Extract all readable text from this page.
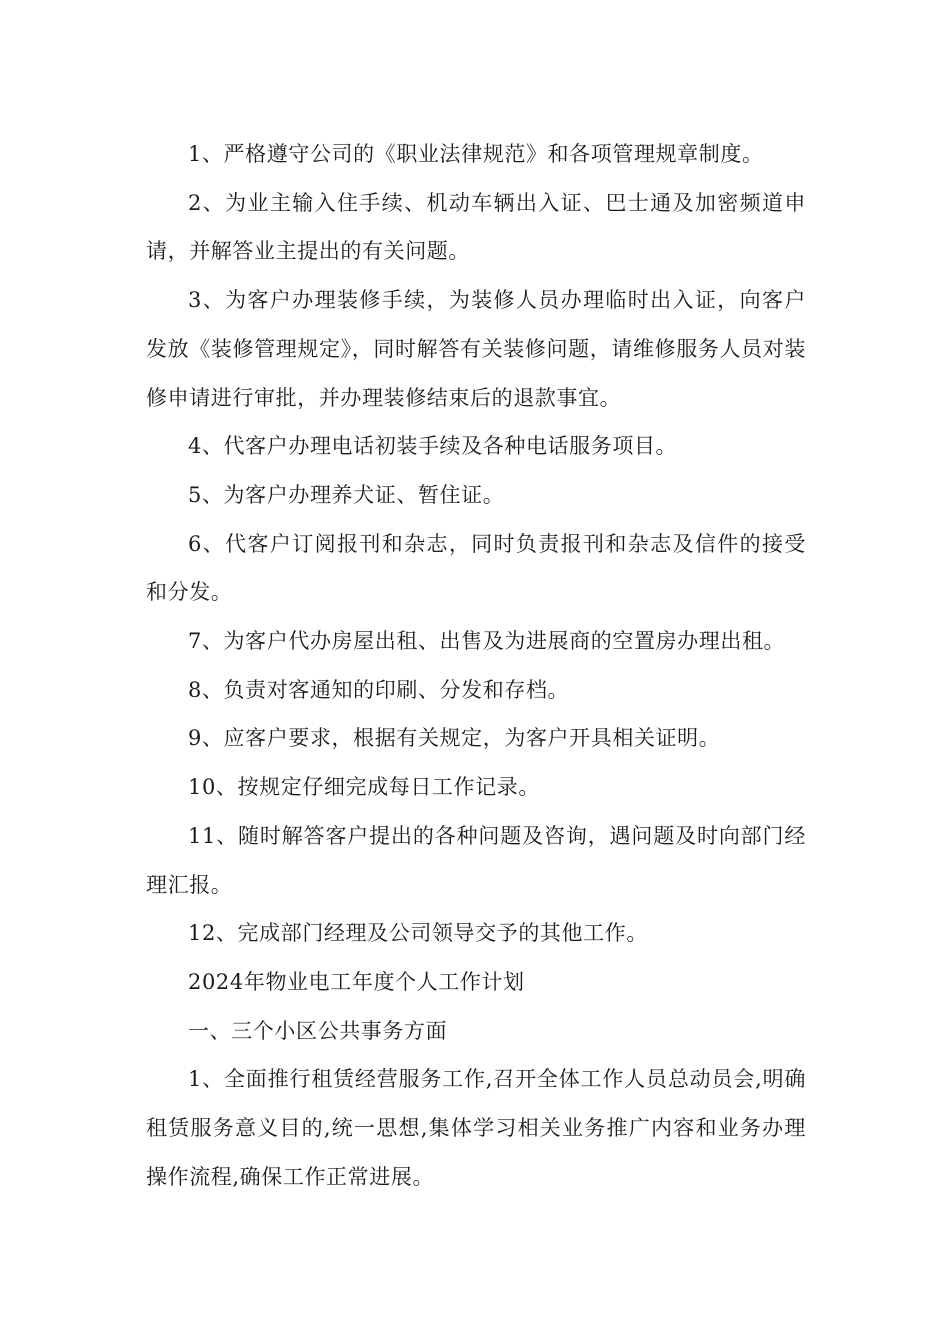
1、严格遵守公司的《职业法律规范》和各项管理规章制度。

2、为业主输入住手续、机动车辆出入证、巴士通及加密频道申请，并解答业主提出的有关问题。

3、为客户办理装修手续，为装修人员办理临时出入证，向客户发放《装修管理规定》，同时解答有关装修问题，请维修服务人员对装修申请进行审批，并办理装修结束后的退款事宜。

4、代客户办理电话初装手续及各种电话服务项目。

5、为客户办理养犬证、暂住证。

6、代客户订阅报刊和杂志，同时负责报刊和杂志及信件的接受和分发。

7、为客户代办房屋出租、出售及为进展商的空置房办理出租。

8、负责对客通知的印刷、分发和存档。

9、应客户要求，根据有关规定，为客户开具相关证明。

10、按规定仔细完成每日工作记录。

11、随时解答客户提出的各种问题及咨询，遇问题及时向部门经理汇报。

12、完成部门经理及公司领导交予的其他工作。

2024年物业电工年度个人工作计划

一、三个小区公共事务方面

1、全面推行租赁经营服务工作,召开全体工作人员总动员会,明确租赁服务意义目的,统一思想,集体学习相关业务推广内容和业务办理操作流程,确保工作正常进展。
